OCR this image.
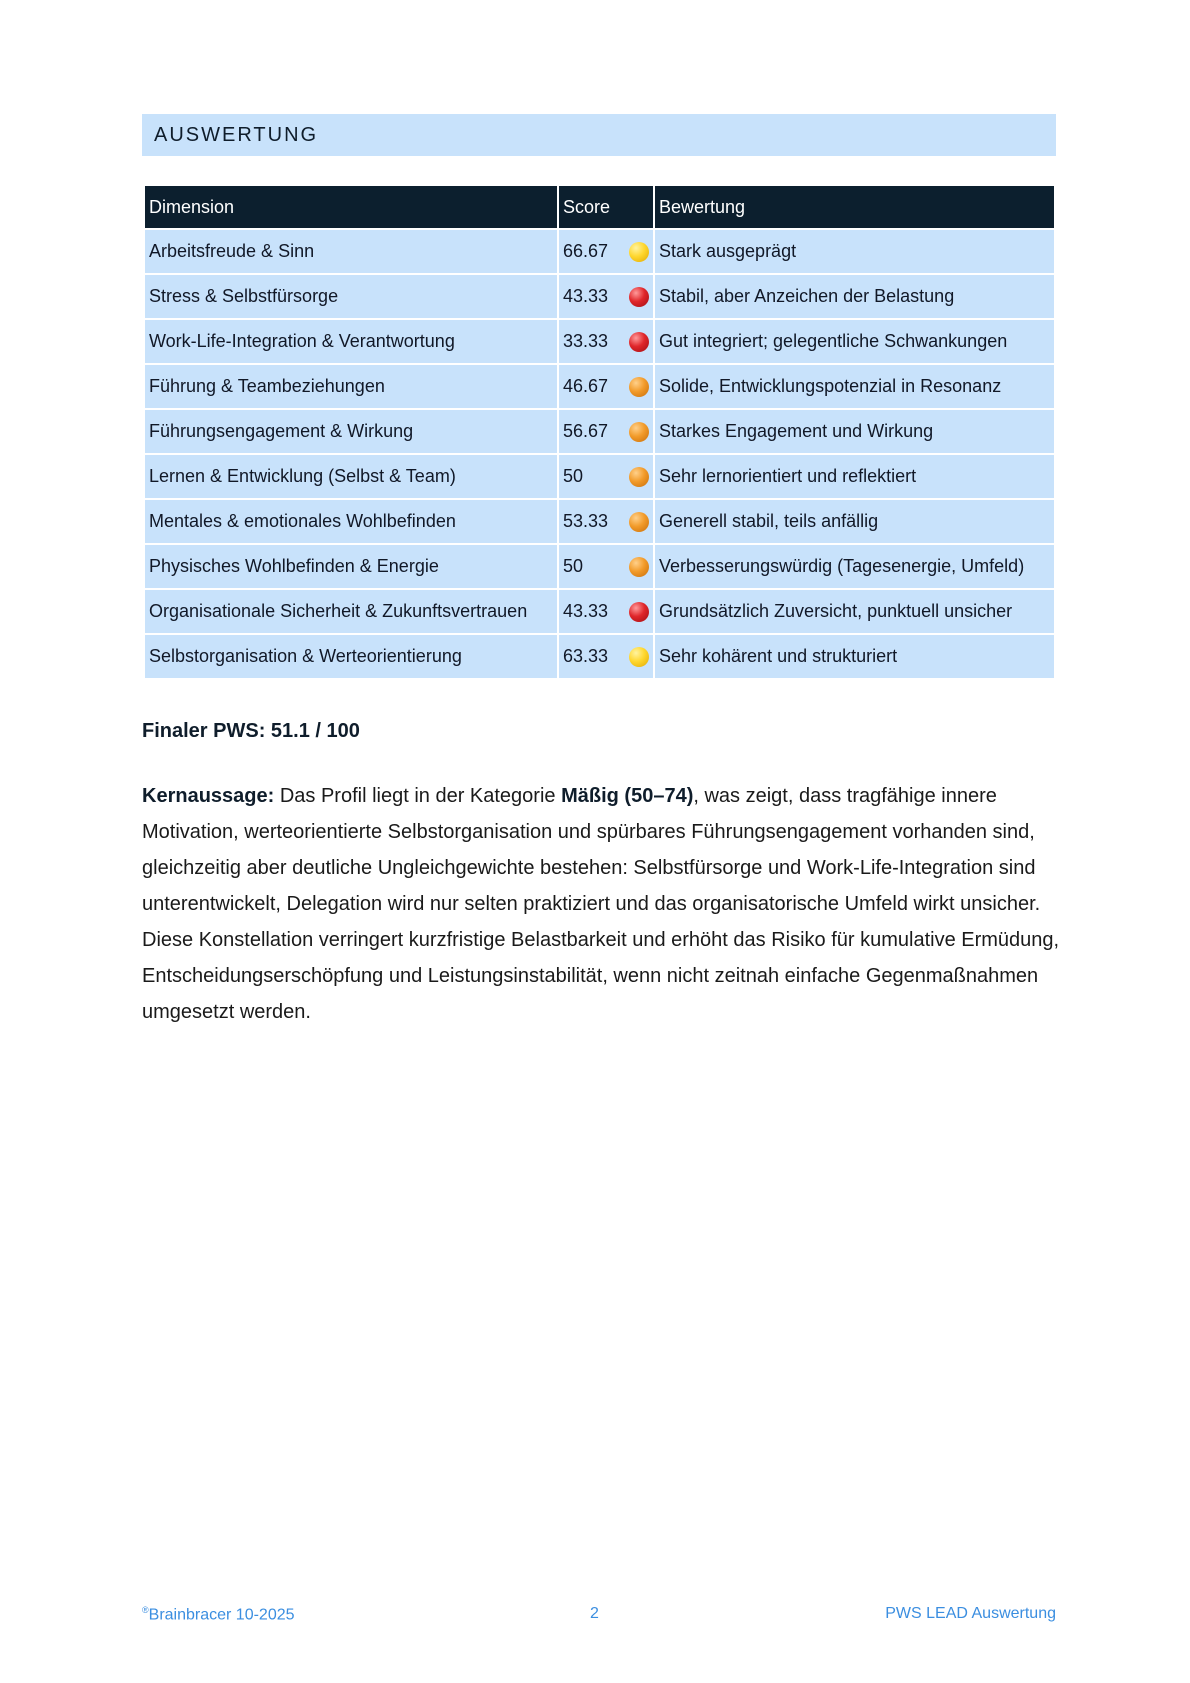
AUSWERTUNG
Dimension	Score	Bewertung
Arbeitsfreude & Sinn	66.67	Stark ausgeprägt
Stress & Selbstfürsorge	43.33	Stabil, aber Anzeichen der Belastung
Work-Life-Integration & Verantwortung	33.33	Gut integriert; gelegentliche Schwankungen
Führung & Teambeziehungen	46.67	Solide, Entwicklungspotenzial in Resonanz
Führungsengagement & Wirkung	56.67	Starkes Engagement und Wirkung
Lernen & Entwicklung (Selbst & Team)	50	Sehr lernorientiert und reflektiert
Mentales & emotionales Wohlbefinden	53.33	Generell stabil, teils anfällig
Physisches Wohlbefinden & Energie	50	Verbesserungswürdig (Tagesenergie, Umfeld)
Organisationale Sicherheit & Zukunftsvertrauen	43.33	Grundsätzlich Zuversicht, punktuell unsicher
Selbstorganisation & Werteorientierung	63.33	Sehr kohärent und strukturiert
Finaler PWS: 51.1 / 100
Kernaussage: Das Profil liegt in der Kategorie Mäßig (50–74), was zeigt, dass tragfähige innere Motivation, werteorientierte Selbstorganisation und spürbares Führungsengagement vorhanden sind, gleichzeitig aber deutliche Ungleichgewichte bestehen: Selbstfürsorge und Work-Life-Integration sind unterentwickelt, Delegation wird nur selten praktiziert und das organisatorische Umfeld wirkt unsicher. Diese Konstellation verringert kurzfristige Belastbarkeit und erhöht das Risiko für kumulative Ermüdung, Entscheidungserschöpfung und Leistungsinstabilität, wenn nicht zeitnah einfache Gegenmaßnahmen umgesetzt werden.
®Brainbracer 10-2025	2	PWS LEAD Auswertung
